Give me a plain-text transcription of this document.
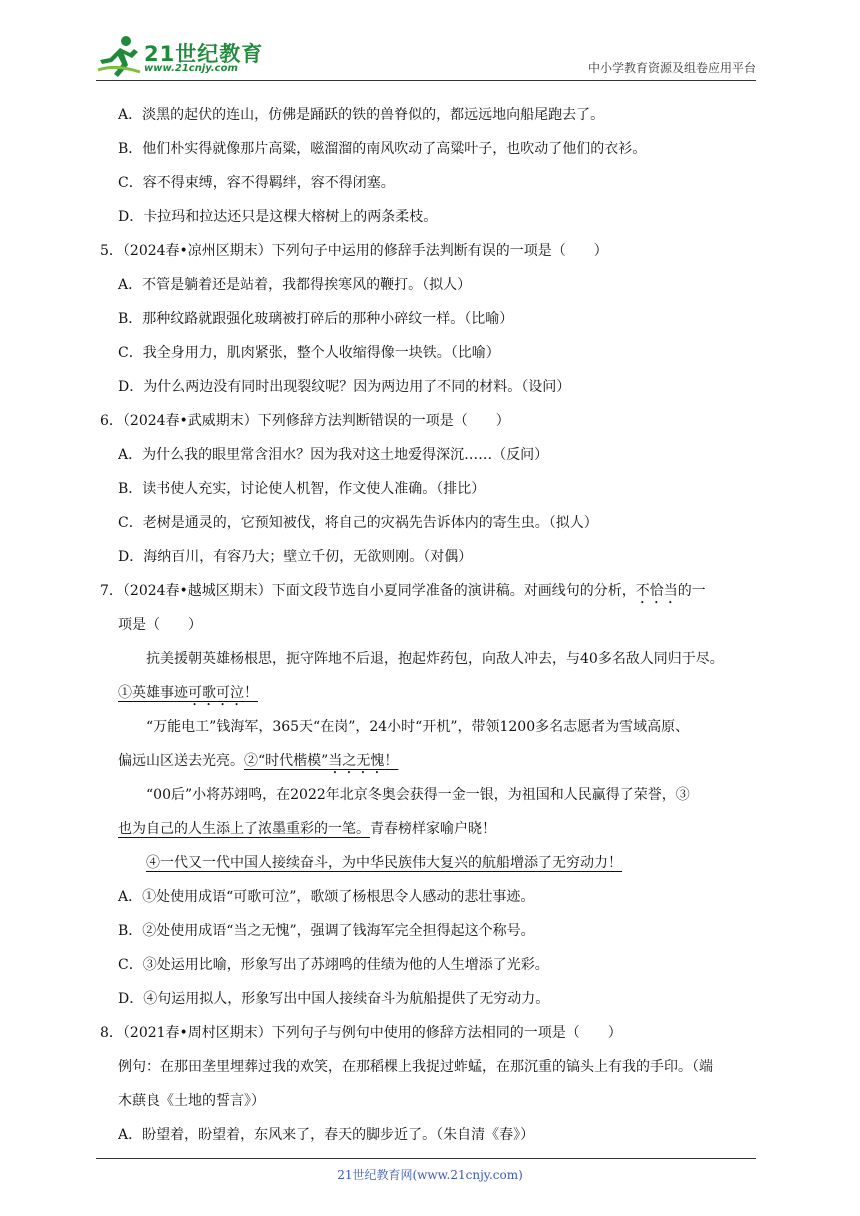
21世纪教育
www.21cnjy.com	中小学教育资源及组卷应用平台
A．淡黑的起伏的连山，仿佛是踊跃的铁的兽脊似的，都远远地向船尾跑去了。
B．他们朴实得就像那片高粱，嗞溜溜的南风吹动了高粱叶子，也吹动了他们的衣衫。
C．容不得束缚，容不得羁绊，容不得闭塞。
D．卡拉玛和拉达还只是这棵大榕树上的两条柔枝。
5．（2024春•凉州区期末）下列句子中运用的修辞手法判断有误的一项是（　　）
A．不管是躺着还是站着，我都得挨寒风的鞭打。（拟人）
B．那种纹路就跟强化玻璃被打碎后的那种小碎纹一样。（比喻）
C．我全身用力，肌肉紧张，整个人收缩得像一块铁。（比喻）
D．为什么两边没有同时出现裂纹呢？因为两边用了不同的材料。（设问）
6．（2024春•武威期末）下列修辞方法判断错误的一项是（　　）
A．为什么我的眼里常含泪水？因为我对这土地爱得深沉……（反问）
B．读书使人充实，讨论使人机智，作文使人准确。（排比）
C．老树是通灵的，它预知被伐，将自己的灾祸先告诉体内的寄生虫。（拟人）
D．海纳百川，有容乃大；壁立千仞，无欲则刚。（对偶）
7．（2024春•越城区期末）下面文段节选自小夏同学准备的演讲稿。对画线句的分析，不恰当的一
项是（　　）
抗美援朝英雄杨根思，扼守阵地不后退，抱起炸药包，向敌人冲去，与40多名敌人同归于尽。
①英雄事迹可歌可泣！
“万能电工”钱海军，365天“在岗”，24小时“开机”，带领1200多名志愿者为雪域高原、
偏远山区送去光亮。②“时代楷模”当之无愧！
“00后”小将苏翊鸣，在2022年北京冬奥会获得一金一银，为祖国和人民赢得了荣誉，③
也为自己的人生添上了浓墨重彩的一笔。青春榜样家喻户晓！
④一代又一代中国人接续奋斗，为中华民族伟大复兴的航船增添了无穷动力！
A．①处使用成语“可歌可泣”，歌颂了杨根思令人感动的悲壮事迹。
B．②处使用成语“当之无愧”，强调了钱海军完全担得起这个称号。
C．③处运用比喻，形象写出了苏翊鸣的佳绩为他的人生增添了光彩。
D．④句运用拟人，形象写出中国人接续奋斗为航船提供了无穷动力。
8．（2021春•周村区期末）下列句子与例句中使用的修辞方法相同的一项是（　　）
例句：在那田垄里埋葬过我的欢笑，在那稻棵上我捉过蚱蜢，在那沉重的镐头上有我的手印。（端
木蕻良《土地的誓言》）
A．盼望着，盼望着，东风来了，春天的脚步近了。（朱自清《春》）
21世纪教育网(www.21cnjy.com)
